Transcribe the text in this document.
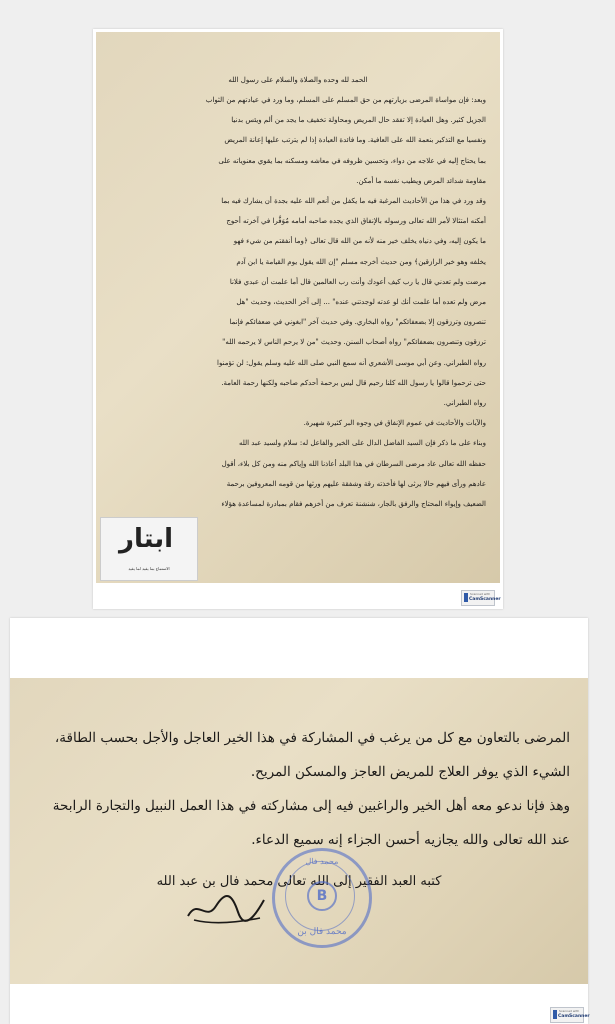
الحمد لله وحده والصلاة والسلام على رسول الله
وبعد: فإن مواساة المرضى بزيارتهم من حق المسلم على المسلم، وما ورد في عيادتهم من الثواب
الجزيل كثير. وهل العيادة إلا تفقد حال المريض ومحاولة تخفيف ما يجد من ألم ويئس بدنيا
ونفسيا مع التذكير بنعمة الله على العافية. وما فائدة العيادة إذا لم يترتب عليها إعانة المريض
بما يحتاج إليه في علاجه من دواء، وتحسين ظروفه في معاشه ومسكنه بما يقوي معنوياته على
مقاومة شدائد المرض ويطيب نفسه ما أمكن.
وقد ورد في هذا من الأحاديث المرغبة فيه ما يكفل من أنعم الله عليه بجدة أن يشارك فيه بما
أمكنه امتثالا لأمر الله تعالى ورسوله بالإنفاق الذي يجده صاحبه أمامه مُوَفَّرا في آخرته أحوج
ما يكون إليه، وفي دنياه يخلف خير منه لأنه من الله قال تعالى ﴿وما أنفقتم من شيء فهو
يخلفه وهو خير الرازقين﴾ ومن حديث أخرجه مسلم "إن الله يقول يوم القيامة يا ابن آدم
مرضت ولم تعدني قال يا رب كيف أعودك وأنت رب العالمين قال أما علمت أن عبدي فلانا
مرض ولم تعده أما علمت أنك لو عدته لوجدتني عنده" ... إلى آخر الحديث، وحديث "هل
تنصرون وترزقون إلا بضعفائكم" رواه البخاري. وفي حديث آخر "ابغوني في ضعفائكم فإنما
ترزقون وتنصرون بضعفائكم" رواه أصحاب السنن. وحديث "من لا يرحم الناس لا يرحمه الله"
رواه الطبراني. وعن أبي موسى الأشعري أنه سمع النبي صلى الله عليه وسلم يقول: لن تؤمنوا
حتى ترحموا قالوا يا رسول الله كلنا رحيم قال ليس برحمة أحدكم صاحبه ولكنها رحمة العامة.
رواه الطبراني.
والآيات والأحاديث في عموم الإنفاق في وجوه البر كثيرة شهيرة.
وبناء على ما ذكر فإن السيد الفاضل الدال على الخير والفاعل له: سلام ولسيد عبد الله
حفظه الله تعالى عاد مرضى السرطان في هذا البلد أعاذنا الله وإياكم منه ومن كل بلاء، أقول
عادهم ورأى فيهم حالا يرثى لها فأخذته رقة وشفقة عليهم ورثها من قومه المعروفين برحمة
الضعيف وإيواء المحتاج والرفق بالجار، شنشنة تعرف من أخزهم فقام بمبادرة لمساعدة هؤلاء
ابتار
الاستماع بما يفيد لما يفيد
Scanned with
CamScanner
المرضى بالتعاون مع كل من يرغب في المشاركة في هذا الخير العاجل والأجل بحسب الطاقة،
الشيء الذي يوفر العلاج للمريض العاجز والمسكن المريح.
وهذ فإنا ندعو معه أهل الخير والراغبين فيه إلى مشاركته في هذا العمل النبيل والتجارة الرابحة
عند الله تعالى والله يجازيه أحسن الجزاء إنه سميع الدعاء.
كتبه العبد الفقير إلى الله تعالى محمد فال بن عبد الله
محمد فال
B
محمد فال بن
Scanned with
CamScanner
